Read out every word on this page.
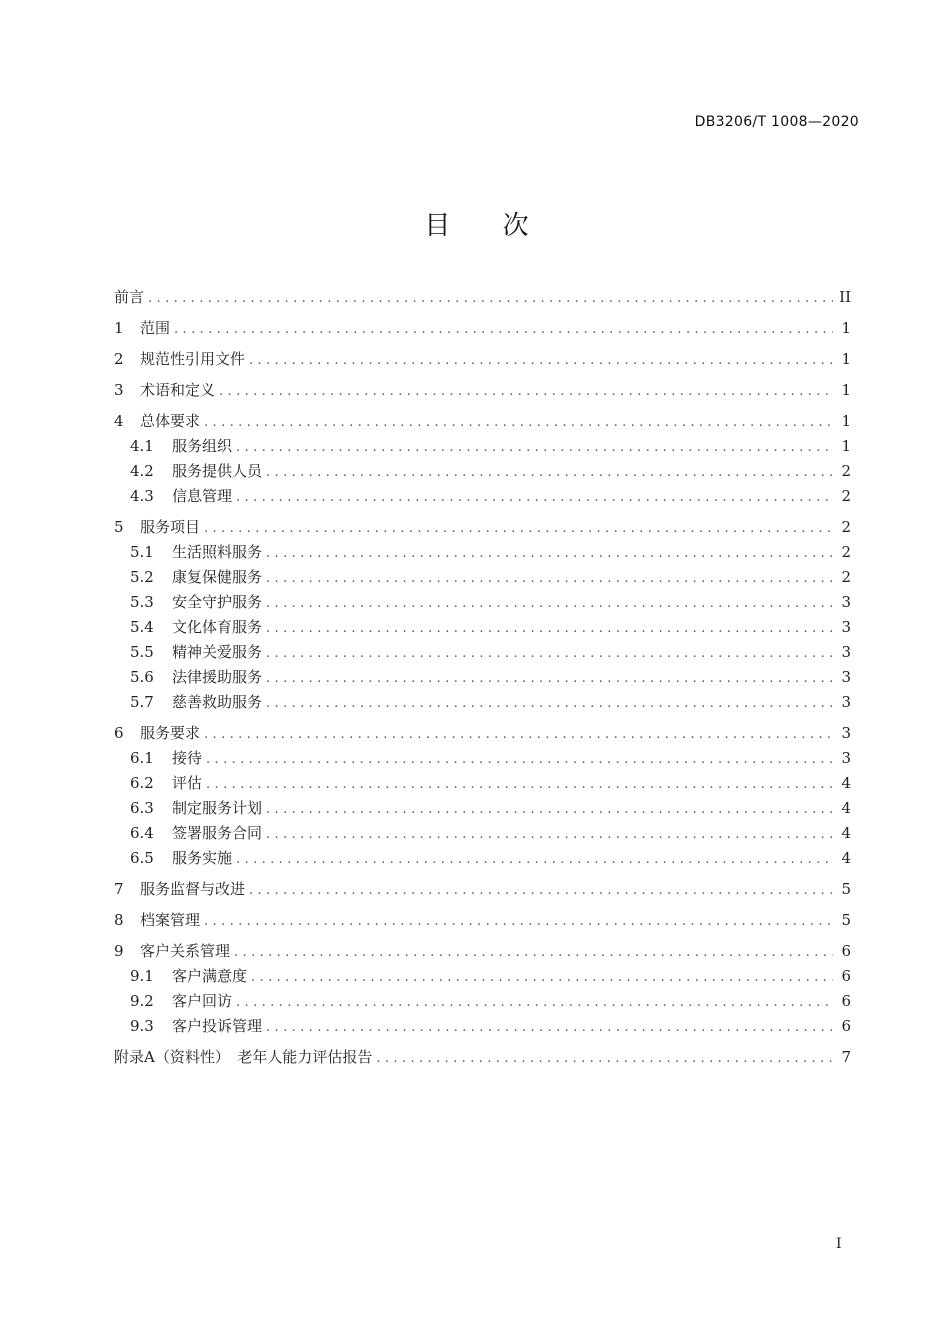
DB3206/T 1008—2020
目 次
前言 .....	II
1	范围 .....	1
2	规范性引用文件 .....	1
3	术语和定义 .....	1
4	总体要求 .....	1
4.1	服务组织 .....	1
4.2	服务提供人员 .....	2
4.3	信息管理 .....	2
5	服务项目 .....	2
5.1	生活照料服务 .....	2
5.2	康复保健服务 .....	2
5.3	安全守护服务 .....	3
5.4	文化体育服务 .....	3
5.5	精神关爱服务 .....	3
5.6	法律援助服务 .....	3
5.7	慈善救助服务 .....	3
6	服务要求 .....	3
6.1	接待 .....	3
6.2	评估 .....	4
6.3	制定服务计划 .....	4
6.4	签署服务合同 .....	4
6.5	服务实施 .....	4
7	服务监督与改进 .....	5
8	档案管理 .....	5
9	客户关系管理 .....	6
9.1	客户满意度 .....	6
9.2	客户回访 .....	6
9.3	客户投诉管理 .....	6
附录A（资料性）　老年人能力评估报告 .....	7
I
